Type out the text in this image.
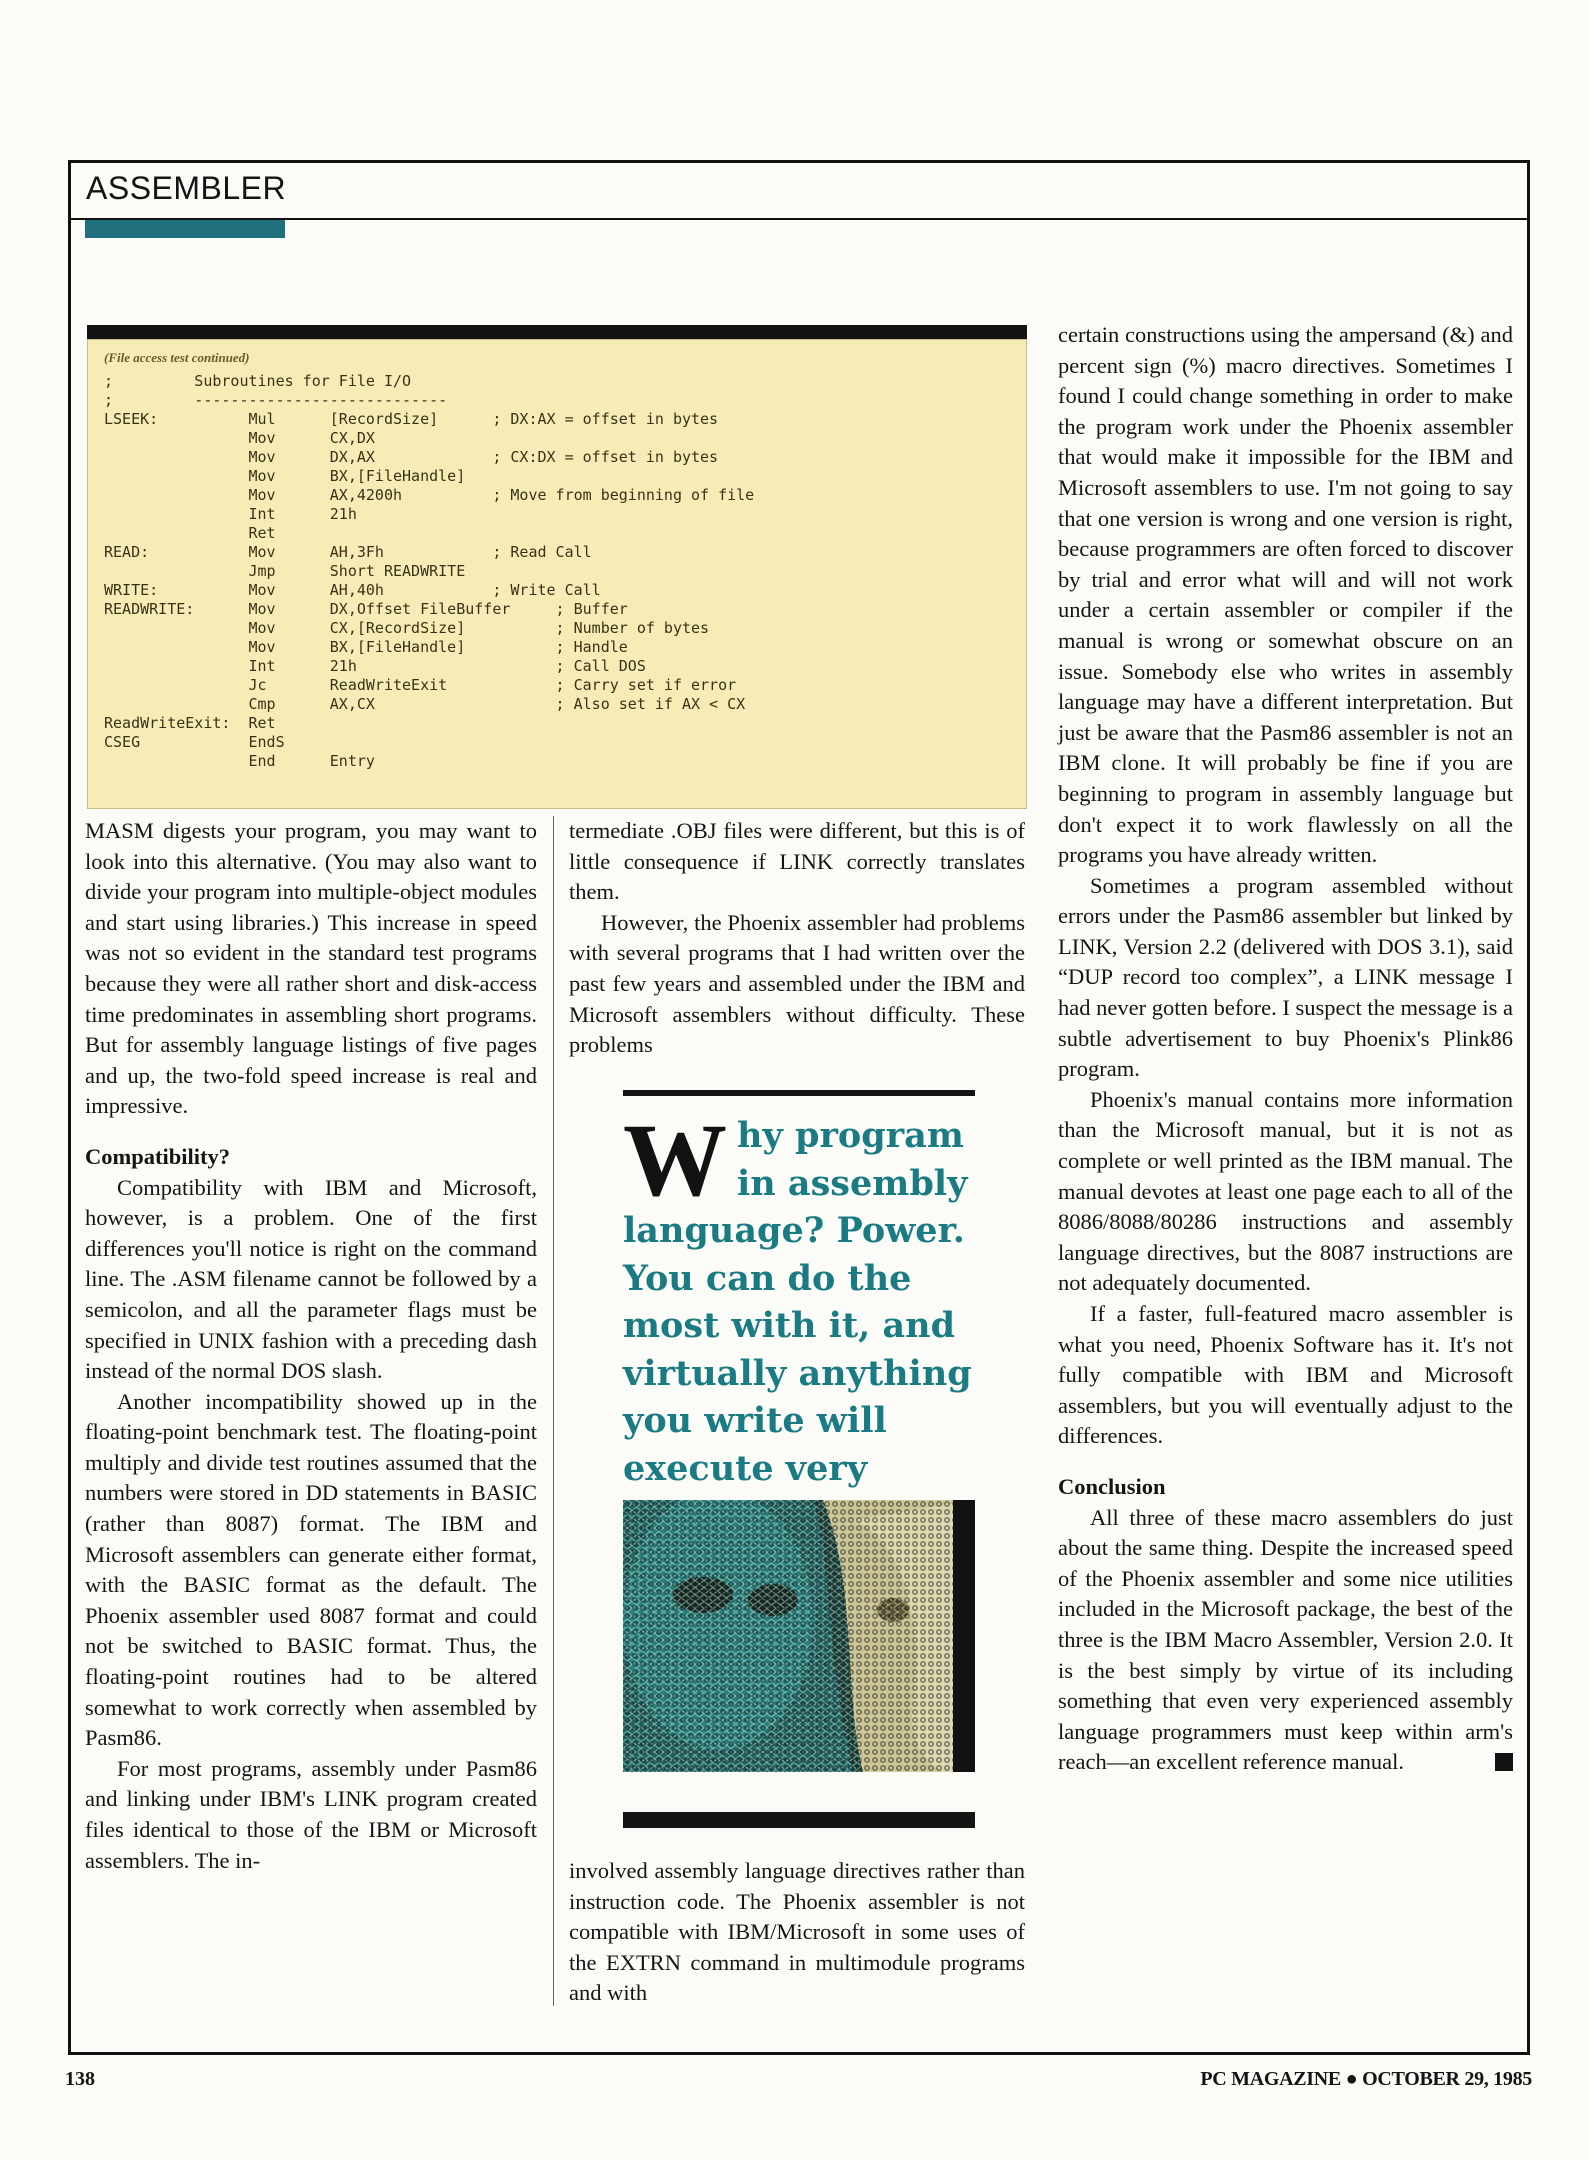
ASSEMBLER
(File access test continued)
;         Subroutines for File I/O
;         ----------------------------
LSEEK:          Mul      [RecordSize]      ; DX:AX = offset in bytes
Mov      CX,DX
Mov      DX,AX             ; CX:DX = offset in bytes
Mov      BX,[FileHandle]
Mov      AX,4200h          ; Move from beginning of file
Int      21h
Ret
READ:           Mov      AH,3Fh            ; Read Call
Jmp      Short READWRITE
WRITE:          Mov      AH,40h            ; Write Call
READWRITE:      Mov      DX,Offset FileBuffer     ; Buffer
Mov      CX,[RecordSize]          ; Number of bytes
Mov      BX,[FileHandle]          ; Handle
Int      21h                      ; Call DOS
Jc       ReadWriteExit            ; Carry set if error
Cmp      AX,CX                    ; Also set if AX < CX
ReadWriteExit:  Ret
CSEG            EndS
End      Entry

MASM digests your program, you may want to look into this alternative. (You may also want to divide your program into multiple-object modules and start using libraries.) This increase in speed was not so evident in the standard test programs because they were all rather short and disk-access time predominates in assembling short programs. But for assembly language listings of five pages and up, the two-fold speed increase is real and impressive.

Compatibility?

Compatibility with IBM and Microsoft, however, is a problem. One of the first differences you'll notice is right on the command line. The .ASM filename cannot be followed by a semicolon, and all the parameter flags must be specified in UNIX fashion with a preceding dash instead of the normal DOS slash.

Another incompatibility showed up in the floating-point benchmark test. The floating-point multiply and divide test routines assumed that the numbers were stored in DD statements in BASIC (rather than 8087) format. The IBM and Microsoft assemblers can generate either format, with the BASIC format as the default. The Phoenix assembler used 8087 format and could not be switched to BASIC format. Thus, the floating-point routines had to be altered somewhat to work correctly when assembled by Pasm86.

For most programs, assembly under Pasm86 and linking under IBM's LINK program created files identical to those of the IBM or Microsoft assemblers. The in-

termediate .OBJ files were different, but this is of little consequence if LINK correctly translates them.

However, the Phoenix assembler had problems with several programs that I had written over the past few years and assembled under the IBM and Microsoft assemblers without difficulty. These problems

Why program in assembly language? Power. You can do the most with it, and virtually anything you write will execute very

involved assembly language directives rather than instruction code. The Phoenix assembler is not compatible with IBM/Microsoft in some uses of the EXTRN command in multimodule programs and with

certain constructions using the ampersand (&) and percent sign (%) macro directives. Sometimes I found I could change something in order to make the program work under the Phoenix assembler that would make it impossible for the IBM and Microsoft assemblers to use. I'm not going to say that one version is wrong and one version is right, because programmers are often forced to discover by trial and error what will and will not work under a certain assembler or compiler if the manual is wrong or somewhat obscure on an issue. Somebody else who writes in assembly language may have a different interpretation. But just be aware that the Pasm86 assembler is not an IBM clone. It will probably be fine if you are beginning to program in assembly language but don't expect it to work flawlessly on all the programs you have already written.

Sometimes a program assembled without errors under the Pasm86 assembler but linked by LINK, Version 2.2 (delivered with DOS 3.1), said “DUP record too complex”, a LINK message I had never gotten before. I suspect the message is a subtle advertisement to buy Phoenix's Plink86 program.

Phoenix's manual contains more information than the Microsoft manual, but it is not as complete or well printed as the IBM manual. The manual devotes at least one page each to all of the 8086/8088/80286 instructions and assembly language directives, but the 8087 instructions are not adequately documented.

If a faster, full-featured macro assembler is what you need, Phoenix Software has it. It's not fully compatible with IBM and Microsoft assemblers, but you will eventually adjust to the differences.

Conclusion

All three of these macro assemblers do just about the same thing. Despite the increased speed of the Phoenix assembler and some nice utilities included in the Microsoft package, the best of the three is the IBM Macro Assembler, Version 2.0. It is the best simply by virtue of its including something that even very experienced assembly language programmers must keep within arm's reach—an excellent reference manual.

138	PC MAGAZINE ● OCTOBER 29, 1985
